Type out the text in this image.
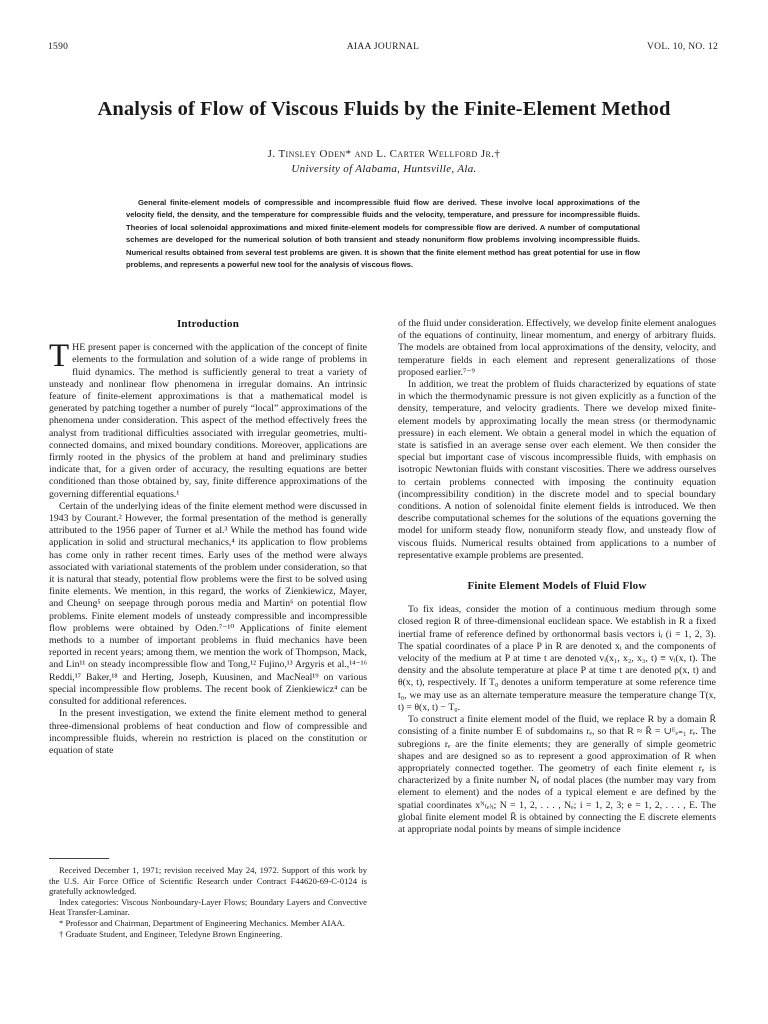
1590	AIAA JOURNAL	VOL. 10, NO. 12
Analysis of Flow of Viscous Fluids by the Finite-Element Method
J. Tinsley Oden* and L. Carter Wellford Jr.†
University of Alabama, Huntsville, Ala.
General finite-element models of compressible and incompressible fluid flow are derived. These involve local approximations of the velocity field, the density, and the temperature for compressible fluids and the velocity, temperature, and pressure for incompressible fluids. Theories of local solenoidal approximations and mixed finite-element models for compressible flow are derived. A number of computational schemes are developed for the numerical solution of both transient and steady nonuniform flow problems involving incompressible fluids. Numerical results obtained from several test problems are given. It is shown that the finite element method has great potential for use in flow problems, and represents a powerful new tool for the analysis of viscous flows.
Introduction

THE present paper is concerned with the application of the concept of finite elements to the formulation and solution of a wide range of problems in fluid dynamics. The method is sufficiently general to treat a variety of unsteady and nonlinear flow phenomena in irregular domains. An intrinsic feature of finite-element approximations is that a mathematical model is generated by patching together a number of purely “local” approximations of the phenomena under consideration. This aspect of the method effectively frees the analyst from traditional difficulties associated with irregular geometries, multi-connected domains, and mixed boundary conditions. Moreover, applications are firmly rooted in the physics of the problem at hand and preliminary studies indicate that, for a given order of accuracy, the resulting equations are better conditioned than those obtained by, say, finite difference approximations of the governing differential equations.¹

Certain of the underlying ideas of the finite element method were discussed in 1943 by Courant.² However, the formal presentation of the method is generally attributed to the 1956 paper of Turner et al.³ While the method has found wide application in solid and structural mechanics,⁴ its application to flow problems has come only in rather recent times. Early uses of the method were always associated with variational statements of the problem under consideration, so that it is natural that steady, potential flow problems were the first to be solved using finite elements. We mention, in this regard, the works of Zienkiewicz, Mayer, and Cheung⁵ on seepage through porous media and Martin⁶ on potential flow problems. Finite element models of unsteady compressible and incompressible flow problems were obtained by Oden.⁷⁻¹⁰ Applications of finite element methods to a number of important problems in fluid mechanics have been reported in recent years; among them, we mention the work of Thompson, Mack, and Lin¹¹ on steady incompressible flow and Tong,¹² Fujino,¹³ Argyris et al.,¹⁴⁻¹⁶ Reddi,¹⁷ Baker,¹⁸ and Herting, Joseph, Kuusinen, and MacNeal¹⁹ on various special incompressible flow problems. The recent book of Zienkiewicz⁴ can be consulted for additional references.

In the present investigation, we extend the finite element method to general three-dimensional problems of heat conduction and flow of compressible and incompressible fluids, wherein no restriction is placed on the constitution or equation of state

Received December 1, 1971; revision received May 24, 1972. Support of this work by the U.S. Air Force Office of Scientific Research under Contract F44620-69-C-0124 is gratefully acknowledged.

Index categories: Viscous Nonboundary-Layer Flows; Boundary Layers and Convective Heat Transfer-Laminar.

* Professor and Chairman, Department of Engineering Mechanics. Member AIAA.

† Graduate Student, and Engineer, Teledyne Brown Engineering.

of the fluid under consideration. Effectively, we develop finite element analogues of the equations of continuity, linear momentum, and energy of arbitrary fluids. The models are obtained from local approximations of the density, velocity, and temperature fields in each element and represent generalizations of those proposed earlier.⁷⁻⁹

In addition, we treat the problem of fluids characterized by equations of state in which the thermodynamic pressure is not given explicitly as a function of the density, temperature, and velocity gradients. There we develop mixed finite-element models by approximating locally the mean stress (or thermodynamic pressure) in each element. We obtain a general model in which the equation of state is satisfied in an average sense over each element. We then consider the special but important case of viscous incompressible fluids, with emphasis on isotropic Newtonian fluids with constant viscosities. There we address ourselves to certain problems connected with imposing the continuity equation (incompressibility condition) in the discrete model and to special boundary conditions. A notion of solenoidal finite element fields is introduced. We then describe computational schemes for the solutions of the equations governing the model for uniform steady flow, nonuniform steady flow, and unsteady flow of viscous fluids. Numerical results obtained from applications to a number of representative example problems are presented.

Finite Element Models of Fluid Flow

To fix ideas, consider the motion of a continuous medium through some closed region R of three-dimensional euclidean space. We establish in R a fixed inertial frame of reference defined by orthonormal basis vectors iᵢ (i = 1, 2, 3). The spatial coordinates of a place P in R are denoted xᵢ and the components of velocity of the medium at P at time t are denoted vᵢ(x₁, x₂, x₃, t) ≡ vᵢ(x, t). The density and the absolute temperature at place P at time t are denoted ρ(x, t) and θ(x, t), respectively. If T₀ denotes a uniform temperature at some reference time t₀, we may use as an alternate temperature measure the temperature change T(x, t) = θ(x, t) − T₀.

To construct a finite element model of the fluid, we replace R by a domain R̄ consisting of a finite number E of subdomains rₑ, so that R ≈ R̄ = ∪ᴱₑ₌₁ rₑ. The subregions rₑ are the finite elements; they are generally of simple geometric shapes and are designed so as to represent a good approximation of R when appropriately connected together. The geometry of each finite element rₑ is characterized by a finite number Nₑ of nodal places (the number may vary from element to element) and the nodes of a typical element e are defined by the spatial coordinates xᴺ₍ₑ₎ᵢ; N = 1, 2, . . . , Nₑ; i = 1, 2, 3; e = 1, 2, . . . , E. The global finite element model R̄ is obtained by connecting the E discrete elements at appropriate nodal points by means of simple incidence
